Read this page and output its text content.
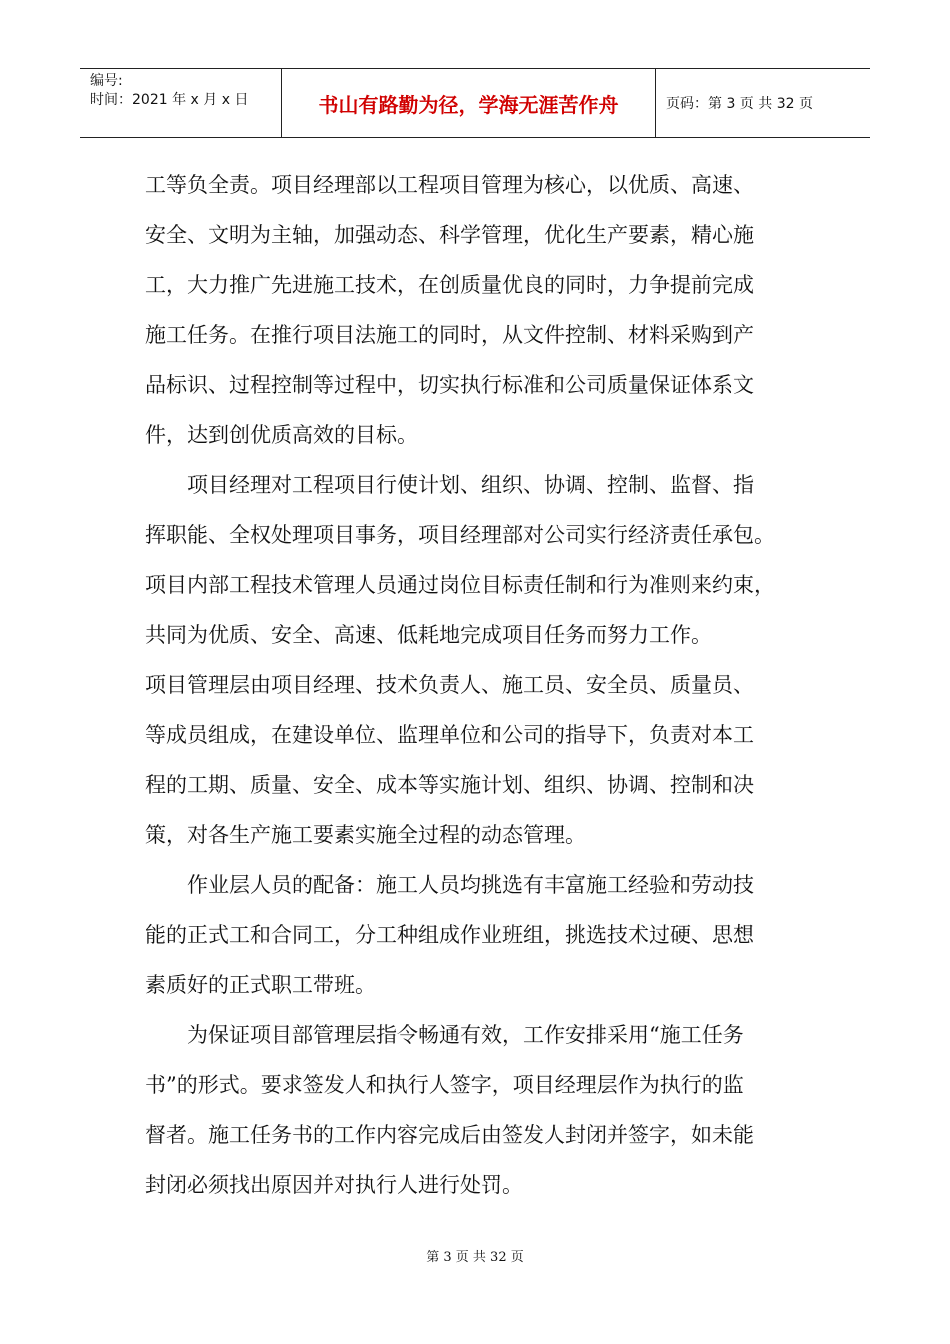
编号:
时间：2021 年 x 月 x 日	书山有路勤为径，学海无涯苦作舟	页码：第 3 页 共 32 页
工等负全责。项目经理部以工程项目管理为核心，以优质、高速、
安全、文明为主轴，加强动态、科学管理，优化生产要素，精心施
工，大力推广先进施工技术，在创质量优良的同时，力争提前完成
施工任务。在推行项目法施工的同时，从文件控制、材料采购到产
品标识、过程控制等过程中，切实执行标准和公司质量保证体系文
件，达到创优质高效的目标。
项目经理对工程项目行使计划、组织、协调、控制、监督、指
挥职能、全权处理项目事务，项目经理部对公司实行经济责任承包。
项目内部工程技术管理人员通过岗位目标责任制和行为准则来约束，
共同为优质、安全、高速、低耗地完成项目任务而努力工作。
项目管理层由项目经理、技术负责人、施工员、安全员、质量员、
等成员组成，在建设单位、监理单位和公司的指导下，负责对本工
程的工期、质量、安全、成本等实施计划、组织、协调、控制和决
策，对各生产施工要素实施全过程的动态管理。
作业层人员的配备：施工人员均挑选有丰富施工经验和劳动技
能的正式工和合同工，分工种组成作业班组，挑选技术过硬、思想
素质好的正式职工带班。
为保证项目部管理层指令畅通有效，工作安排采用“施工任务
书”的形式。要求签发人和执行人签字，项目经理层作为执行的监
督者。施工任务书的工作内容完成后由签发人封闭并签字，如未能
封闭必须找出原因并对执行人进行处罚。
第 3 页 共 32 页
